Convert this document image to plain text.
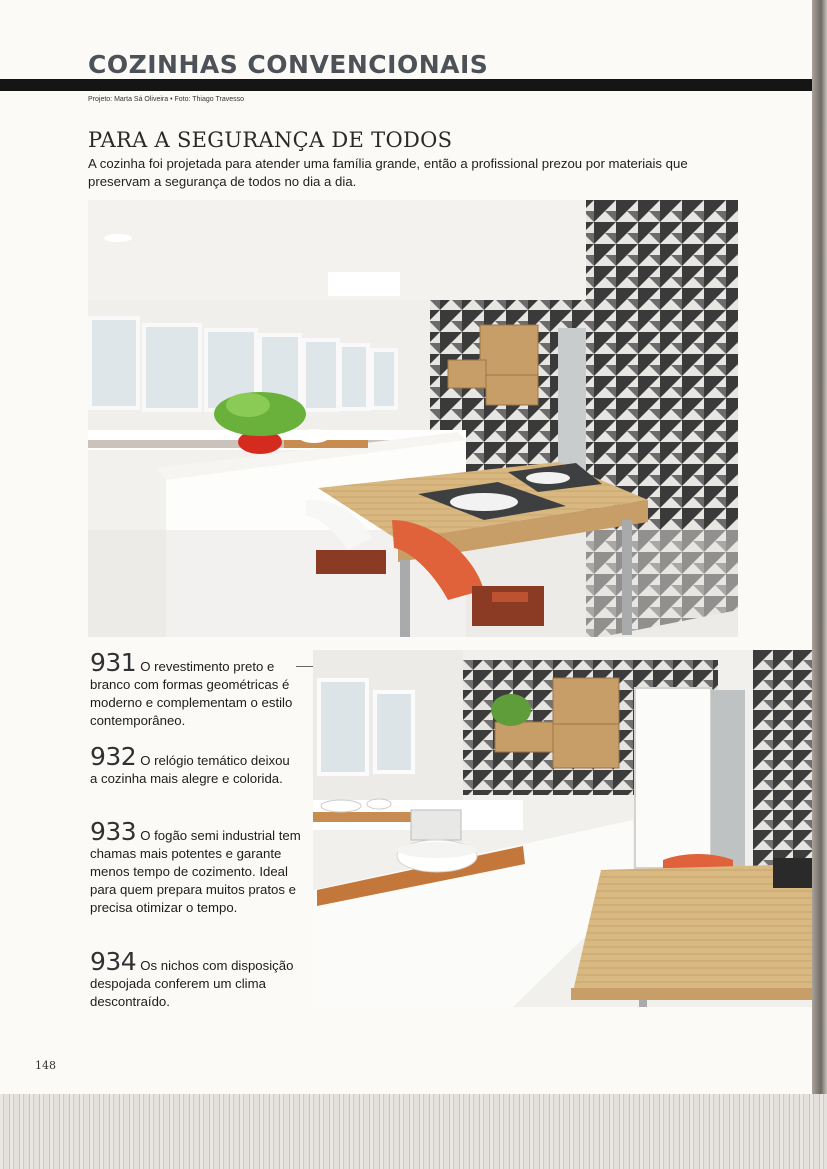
COZINHAS CONVENCIONAIS
Projeto: Marta Sá Oliveira • Foto: Thiago Travesso
PARA A SEGURANÇA DE TODOS

A cozinha foi projetada para atender uma família grande, então a profissional prezou por materiais que preservam a segurança de todos no dia a dia.

931 O revestimento preto e branco com formas geométricas é moderno e complementam o estilo contemporâneo.

932 O relógio temático deixou a cozinha mais alegre e colorida.

933 O fogão semi industrial tem chamas mais potentes e garante menos tempo de cozimento. Ideal para quem prepara muitos pratos e precisa otimizar o tempo.

934 Os nichos com disposição despojada conferem um clima descontraído.

148
